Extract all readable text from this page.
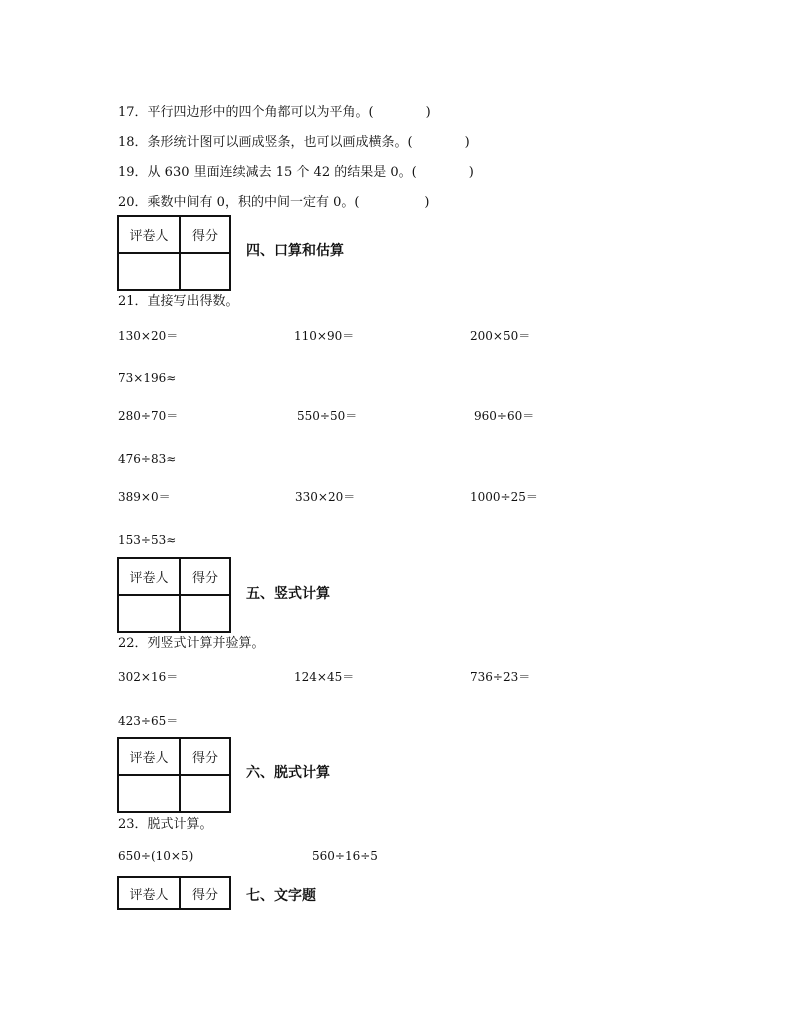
17．平行四边形中的四个角都可以为平角。(　　　　)
18．条形统计图可以画成竖条，也可以画成横条。(　　　　)
19．从 630 里面连续减去 15 个 42 的结果是 0。(　　　　)
20．乘数中间有 0，积的中间一定有 0。(　　　　　)
评卷人	得分

四、口算和估算
21．直接写出得数。
130×20＝	110×90＝	200×50＝
73×196≈
280÷70＝	550÷50＝	960÷60＝
476÷83≈
389×0＝	330×20＝	1000÷25＝
153÷53≈
评卷人	得分

五、竖式计算
22．列竖式计算并验算。
302×16＝	124×45＝	736÷23＝
423÷65＝
评卷人	得分

六、脱式计算
23．脱式计算。
650÷(10×5)	560÷16÷5
评卷人	得分 七、文字题
